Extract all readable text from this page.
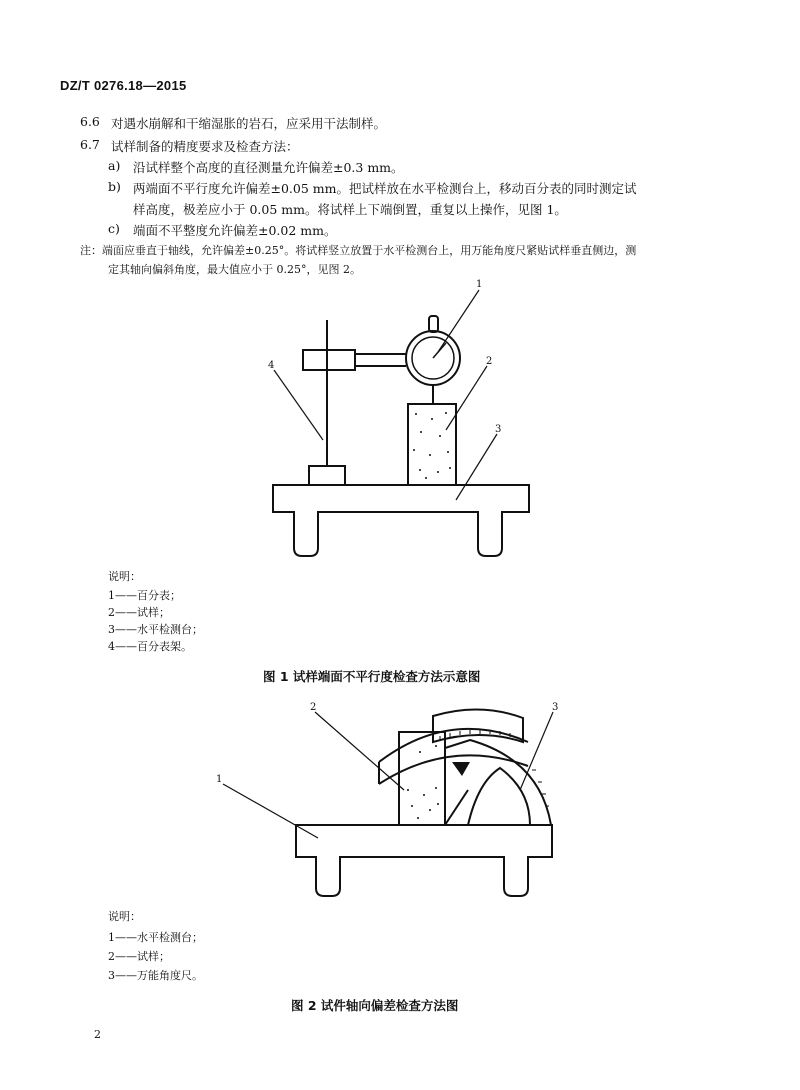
DZ/T 0276.18—2015
6.6 对遇水崩解和干缩湿胀的岩石，应采用干法制样。
6.7 试样制备的精度要求及检查方法：
a) 沿试样整个高度的直径测量允许偏差±0.3 mm。
b) 两端面不平行度允许偏差±0.05 mm。把试样放在水平检测台上，移动百分表的同时测定试
样高度，极差应小于 0.05 mm。将试样上下端倒置，重复以上操作，见图 1。
c) 端面不平整度允许偏差±0.02 mm。
注：端面应垂直于轴线，允许偏差±0.25°。将试样竖立放置于水平检测台上，用万能角度尺紧贴试样垂直侧边，测
定其轴向偏斜角度，最大值应小于 0.25°，见图 2。
1
2
3
4
说明：
1——百分表；
2——试样；
3——水平检测台；
4——百分表架。
图 1 试样端面不平行度检查方法示意图
2
1
3
说明：
1——水平检测台；
2——试样；
3——万能角度尺。
图 2 试件轴向偏差检查方法图
2
